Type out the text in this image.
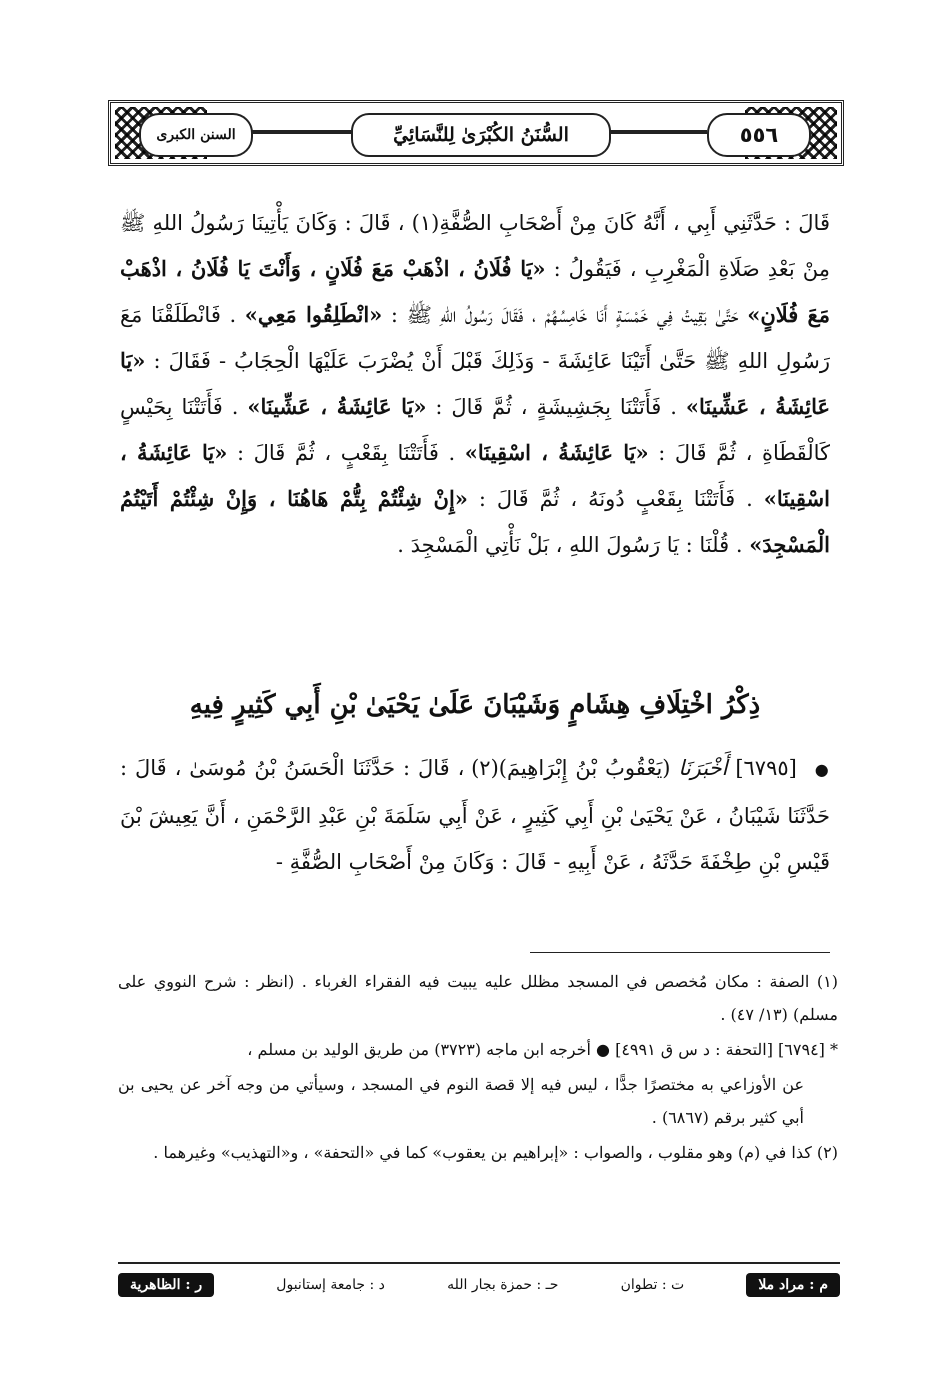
السنن الكبرى	السُّنَنُ الكُبْرَىٰ لِلنَّسَائِيِّ	٥٥٦

قَالَ : حَدَّثَنِي أَبِي ، أَنَّهُ كَانَ مِنْ أَصْحَابِ الصُّفَّةِ(١) ، قَالَ : وَكَانَ يَأْتِينَا رَسُولُ اللهِ ﷺ مِنْ بَعْدِ صَلَاةِ الْمَغْرِبِ ، فَيَقُولُ : «يَا فُلَانُ ، اذْهَبْ مَعَ فُلَانٍ ، وَأَنْتَ يَا فُلَانُ ، اذْهَبْ مَعَ فُلَانٍ» حَتَّىٰ بَقِيتُ فِي خَمْسَةٍ أَنَا خَامِسُهُمْ ، فَقَالَ رَسُولُ اللهِ ﷺ : «انْطَلِقُوا مَعِي» . فَانْطَلَقْنَا مَعَ رَسُولِ اللهِ ﷺ حَتَّىٰ أَتَيْنَا عَائِشَةَ - وَذَلِكَ قَبْلَ أَنْ يُضْرَبَ عَلَيْهَا الْحِجَابُ - فَقَالَ : «يَا عَائِشَةُ ، عَشِّينَا» . فَأَتَتْنَا بِجَشِيشَةٍ ، ثُمَّ قَالَ : «يَا عَائِشَةُ ، عَشِّينَا» . فَأَتَتْنَا بِحَيْسٍ كَالْقَطَاةِ ، ثُمَّ قَالَ : «يَا عَائِشَةُ ، اسْقِينَا» . فَأَتَتْنَا بِقَعْبٍ ، ثُمَّ قَالَ : «يَا عَائِشَةُ ، اسْقِينَا» . فَأَتَتْنَا بِقَعْبٍ دُونَهُ ، ثُمَّ قَالَ : «إِنْ شِئْتُمْ بِتُّمْ هَاهُنَا ، وَإِنْ شِئْتُمْ أَتَيْتُمُ الْمَسْجِدَ» . قُلْنَا : يَا رَسُولَ اللهِ ، بَلْ نَأْتِي الْمَسْجِدَ .

ذِكْرُ اخْتِلَافِ هِشَامٍ وَشَيْبَانَ عَلَىٰ يَحْيَىٰ بْنِ أَبِي كَثِيرٍ فِيهِ

● [٦٧٩٥] أَخْبَرَنَا (يَعْقُوبُ بْنُ إِبْرَاهِيمَ)(٢) ، قَالَ : حَدَّثَنَا الْحَسَنُ بْنُ مُوسَىٰ ، قَالَ : حَدَّثَنَا شَيْبَانُ ، عَنْ يَحْيَىٰ بْنِ أَبِي كَثِيرٍ ، عَنْ أَبِي سَلَمَةَ بْنِ عَبْدِ الرَّحْمَنِ ، أَنَّ يَعِيشَ بْنَ قَيْسِ بْنِ طِخْفَةَ حَدَّثَهُ ، عَنْ أَبِيهِ - قَالَ : وَكَانَ مِنْ أَصْحَابِ الصُّفَّةِ -

(١) الصفة : مكان مُخصص في المسجد مظلل عليه يبيت فيه الفقراء الغرباء . (انظر : شرح النووي على مسلم) (١٣/ ٤٧) .

* [٦٧٩٤] [التحفة : د س ق ٤٩٩١] ● أخرجه ابن ماجه (٣٧٢٣) من طريق الوليد بن مسلم ،

عن الأوزاعي به مختصرًا جدًّا ، ليس فيه إلا قصة النوم في المسجد ، وسيأتي من وجه آخر عن يحيى بن أبي كثير برقم (٦٨٦٧) .

(٢) كذا في (م) وهو مقلوب ، والصواب : «إبراهيم بن يعقوب» كما في «التحفة» ، و«التهذيب» وغيرهما .

م : مراد ملا
ت : تطوان
حـ : حمزة بجار الله
د : جامعة إستانبول
ر : الظاهرية
